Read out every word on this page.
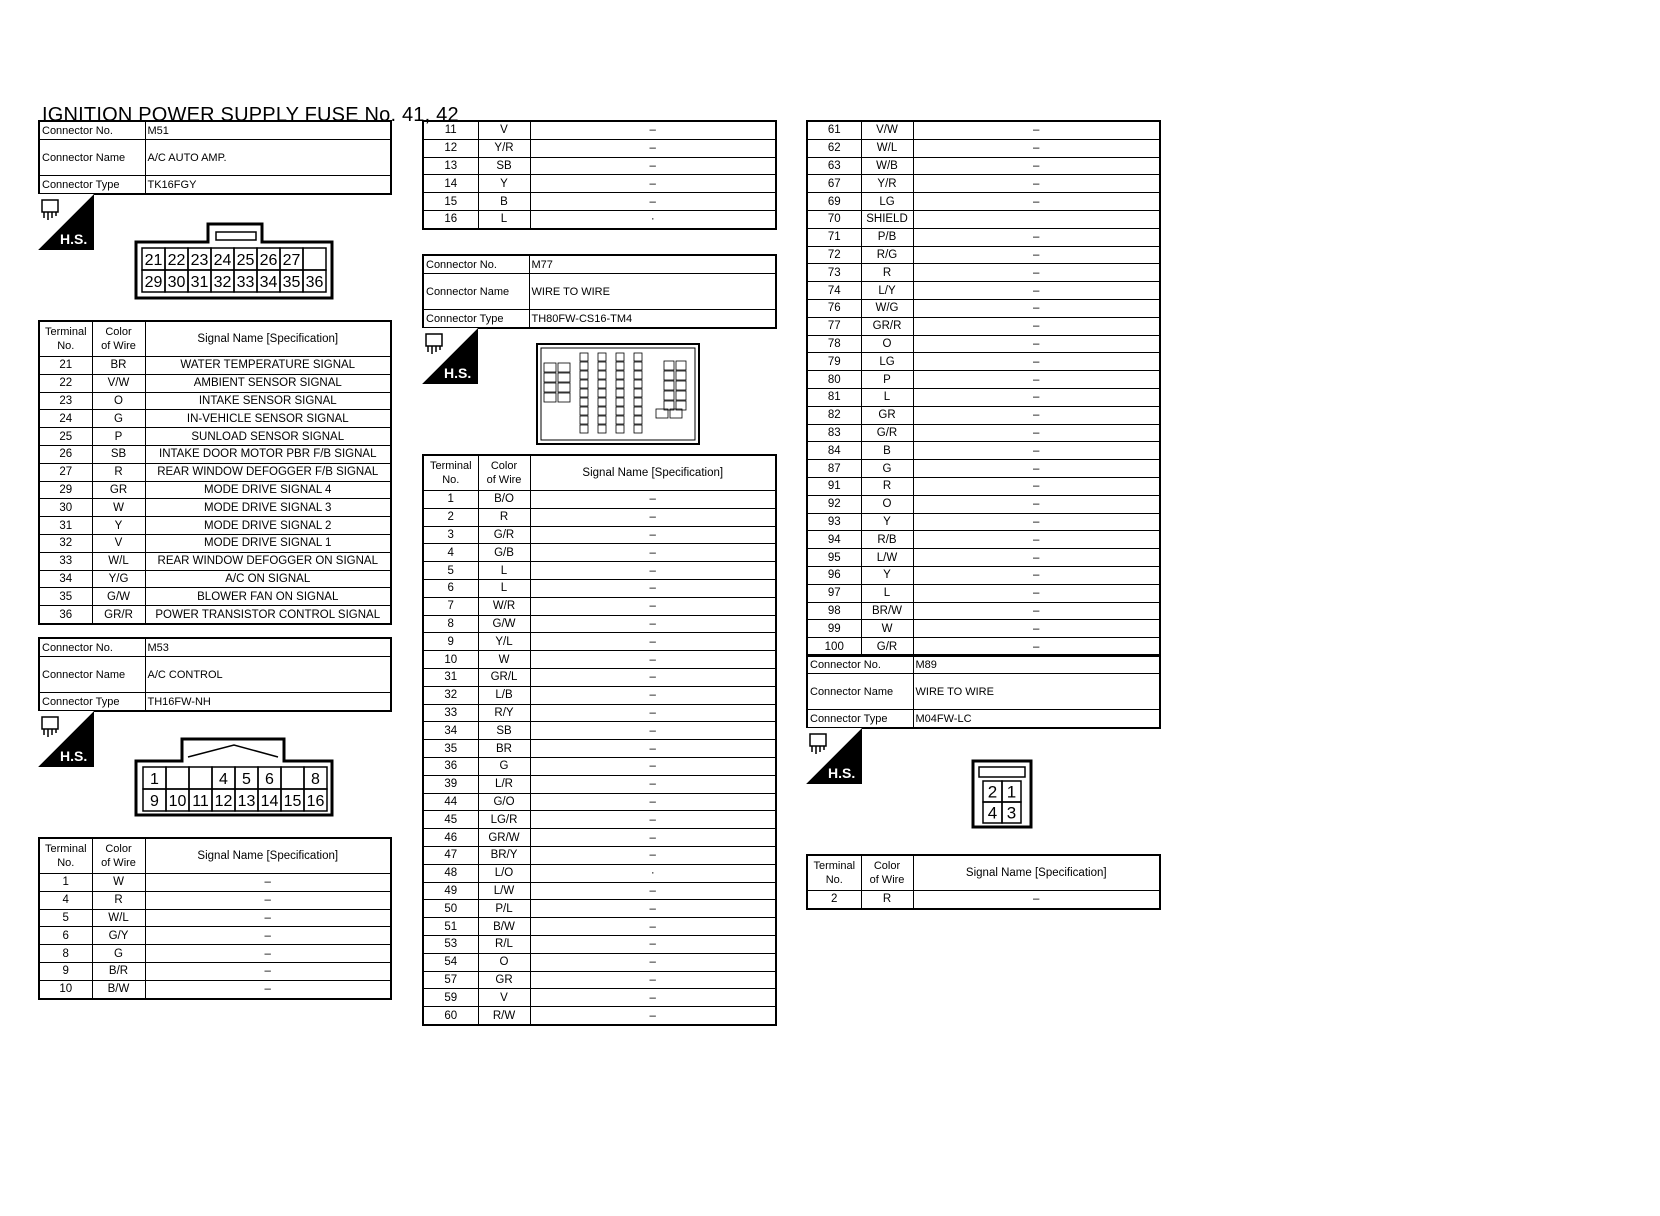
IGNITION POWER SUPPLY FUSE No. 41, 42
Connector No.	M51
Connector Name	A/C AUTO AMP.
Connector Type	TK16FGY
H.S.
21 22 23 24 25 26 27
29 30 31 32 33 34 35 36
Terminal
No.	Color
of Wire	Signal Name [Specification]
21	BR	WATER TEMPERATURE SIGNAL
22	V/W	AMBIENT SENSOR SIGNAL
23	O	INTAKE SENSOR SIGNAL
24	G	IN-VEHICLE SENSOR SIGNAL
25	P	SUNLOAD SENSOR SIGNAL
26	SB	INTAKE DOOR MOTOR PBR F/B SIGNAL
27	R	REAR WINDOW DEFOGGER F/B SIGNAL
29	GR	MODE DRIVE SIGNAL 4
30	W	MODE DRIVE SIGNAL 3
31	Y	MODE DRIVE SIGNAL 2
32	V	MODE DRIVE SIGNAL 1
33	W/L	REAR WINDOW DEFOGGER ON SIGNAL
34	Y/G	A/C ON SIGNAL
35	G/W	BLOWER FAN ON SIGNAL
36	GR/R	POWER TRANSISTOR CONTROL SIGNAL
Connector No.	M53
Connector Name	A/C CONTROL
Connector Type	TH16FW-NH
H.S.
1	4 5 6 8
9 10 11 12 13 14 15 16
Terminal
No.	Color
of Wire	Signal Name [Specification]
1	W	–
4	R	–
5	W/L	–
6	G/Y	–
8	G	–
9	B/R	–
10	B/W	–
11	V	–
12	Y/R	–
13	SB	–
14	Y	–
15	B	–
16	L	·
Connector No.	M77
Connector Name	WIRE TO WIRE
Connector Type	TH80FW-CS16-TM4
H.S.
Terminal
No.	Color
of Wire	Signal Name [Specification]
1	B/O	–
2	R	–
3	G/R	–
4	G/B	–
5	L	–
6	L	–
7	W/R	–
8	G/W	–
9	Y/L	–
10	W	–
31	GR/L	–
32	L/B	–
33	R/Y	–
34	SB	–
35	BR	–
36	G	–
39	L/R	–
44	G/O	–
45	LG/R	–
46	GR/W	–
47	BR/Y	–
48	L/O	·
49	L/W	–
50	P/L	–
51	B/W	–
53	R/L	–
54	O	–
57	GR	–
59	V	–
60	R/W	–
61	V/W	–
62	W/L	–
63	W/B	–
67	Y/R	–
69	LG	–
70	SHIELD	
71	P/B	–
72	R/G	–
73	R	–
74	L/Y	–
76	W/G	–
77	GR/R	–
78	O	–
79	LG	–
80	P	–
81	L	–
82	GR	–
83	G/R	–
84	B	–
87	G	–
91	R	–
92	O	–
93	Y	–
94	R/B	–
95	L/W	–
96	Y	–
97	L	–
98	BR/W	–
99	W	–
100	G/R	–
Connector No.	M89
Connector Name	WIRE TO WIRE
Connector Type	M04FW-LC
H.S.
2 1
4 3
Terminal
No.	Color
of Wire	Signal Name [Specification]
2	R	–
